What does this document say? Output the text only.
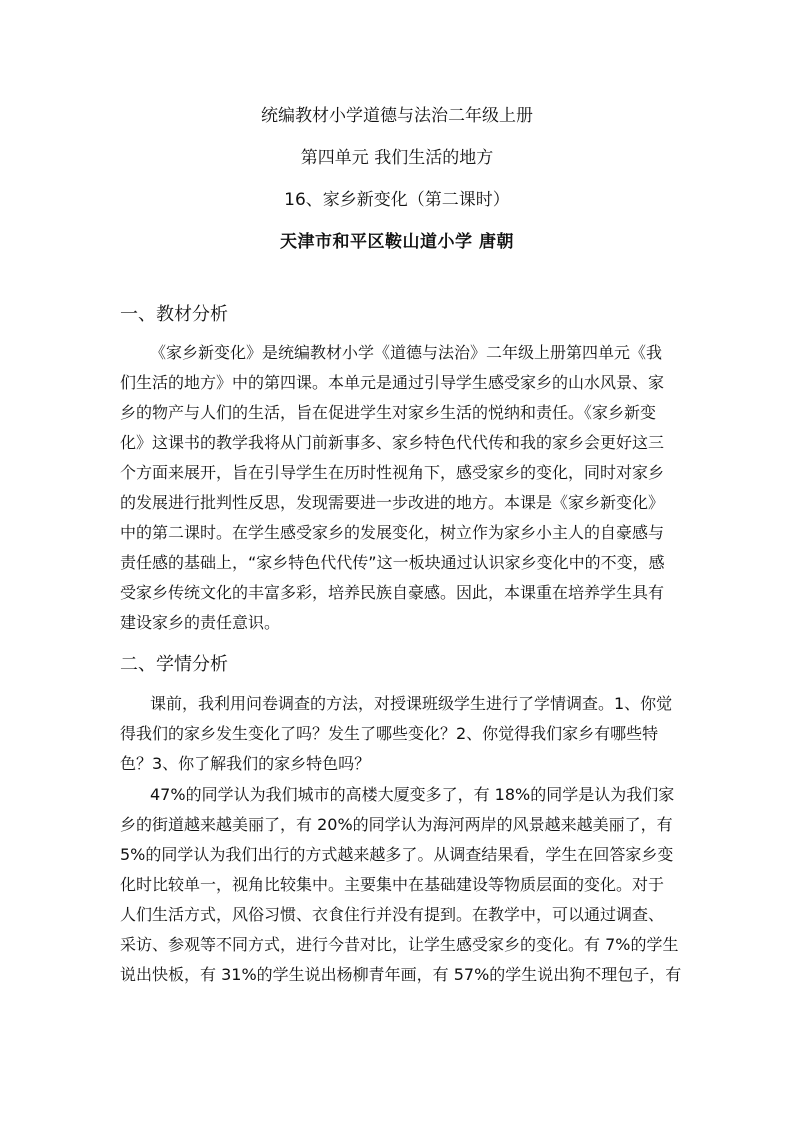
统编教材小学道德与法治二年级上册
第四单元 我们生活的地方
16、家乡新变化（第二课时）
天津市和平区鞍山道小学 唐朝
一、教材分析
《家乡新变化》是统编教材小学《道德与法治》二年级上册第四单元《我
们生活的地方》中的第四课。本单元是通过引导学生感受家乡的山水风景、家
乡的物产与人们的生活，旨在促进学生对家乡生活的悦纳和责任。《家乡新变
化》这课书的教学我将从门前新事多、家乡特色代代传和我的家乡会更好这三
个方面来展开，旨在引导学生在历时性视角下，感受家乡的变化，同时对家乡
的发展进行批判性反思，发现需要进一步改进的地方。本课是《家乡新变化》
中的第二课时。在学生感受家乡的发展变化，树立作为家乡小主人的自豪感与
责任感的基础上，“家乡特色代代传”这一板块通过认识家乡变化中的不变，感
受家乡传统文化的丰富多彩，培养民族自豪感。因此，本课重在培养学生具有
建设家乡的责任意识。
二、学情分析
课前，我利用问卷调查的方法，对授课班级学生进行了学情调查。1、你觉
得我们的家乡发生变化了吗？发生了哪些变化？2、你觉得我们家乡有哪些特
色？3、你了解我们的家乡特色吗？
47%的同学认为我们城市的高楼大厦变多了，有 18%的同学是认为我们家
乡的街道越来越美丽了，有 20%的同学认为海河两岸的风景越来越美丽了，有
5%的同学认为我们出行的方式越来越多了。从调查结果看，学生在回答家乡变
化时比较单一，视角比较集中。主要集中在基础建设等物质层面的变化。对于
人们生活方式，风俗习惯、衣食住行并没有提到。在教学中，可以通过调查、
采访、参观等不同方式，进行今昔对比，让学生感受家乡的变化。有 7%的学生
说出快板，有 31%的学生说出杨柳青年画，有 57%的学生说出狗不理包子，有
